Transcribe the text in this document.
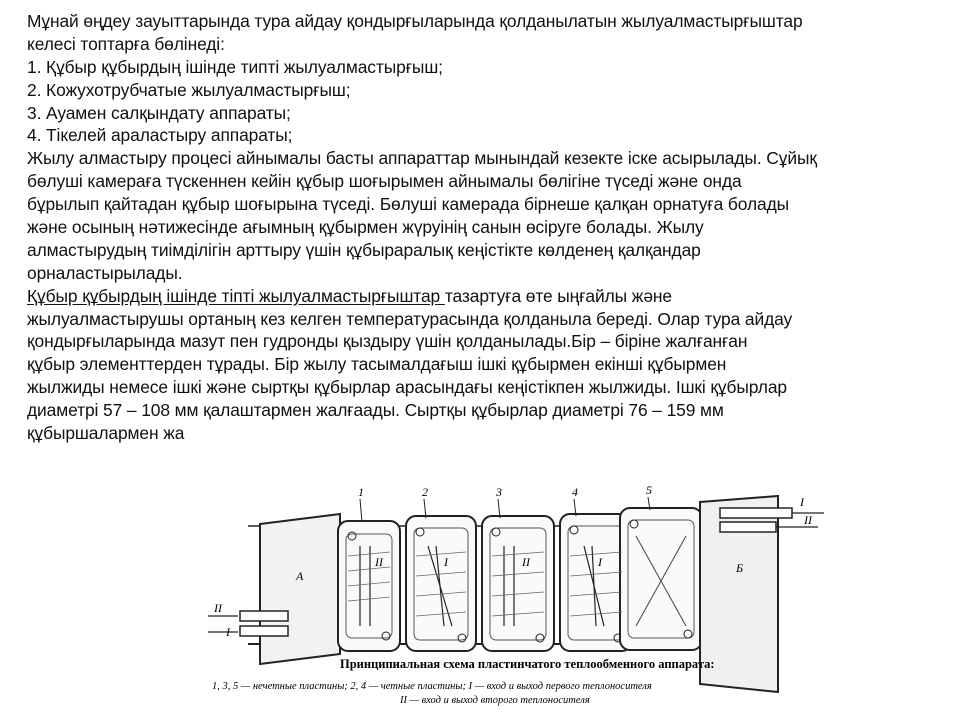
Мұнай өңдеу зауыттарында тура айдау қондырғыларында қолданылатын жылуалмастырғыштар
келесі топтарға бөлінеді:
1. Құбыр құбырдың ішінде типті жылуалмастырғыш;
2. Кожухотрубчатые жылуалмастырғыш;
3. Ауамен салқындату аппараты;
4. Тікелей араластыру аппараты;
Жылу алмастыру процесі айнымалы басты аппараттар мынындай кезекте іске асырылады. Сұйық
бөлуші камераға түскеннен кейін құбыр шоғырымен айнымалы бөлігіне түседі және онда
бұрылып қайтадан құбыр шоғырына түседі. Бөлуші камерада бірнеше қалқан орнатуға болады
және осының нәтижесінде ағымның құбырмен жүруінің санын өсіруге болады. Жылу
алмастырудың тиімділігін арттыру үшін құбыраралық кеңістікте көлденең қалқандар
орналастырылады.
Құбыр құбырдың ішінде тіпті жылуалмастырғыштар тазартуға өте ыңғайлы және
жылуалмастырушы ортаның кез келген температурасында қолданыла береді. Олар тура айдау
қондырғыларында мазут пен гудронды қыздыру үшін қолданылады.Бір – біріне жалғанған
құбыр элементтерден тұрады. Бір жылу тасымалдағыш ішкі құбырмен екінші құбырмен
жылжиды немесе ішкі және сыртқы құбырлар арасындағы кеңістікпен жылжиды. Ішкі құбырлар
диаметрі 57 – 108 мм қалаштармен жалғаады. Сыртқы құбырлар диаметрі 76 – 159 мм
құбыршалармен жа
А
II
I
II	I	II	I	Б
I
II
1	2	3	4	5
Принципиальная схема пластинчатого теплообменного аппарата:
1, 3, 5 — нечетные пластины; 2, 4 — четные пластины; I — вход и выход первого теплоносителя
II — вход и выход второго теплоносителя
